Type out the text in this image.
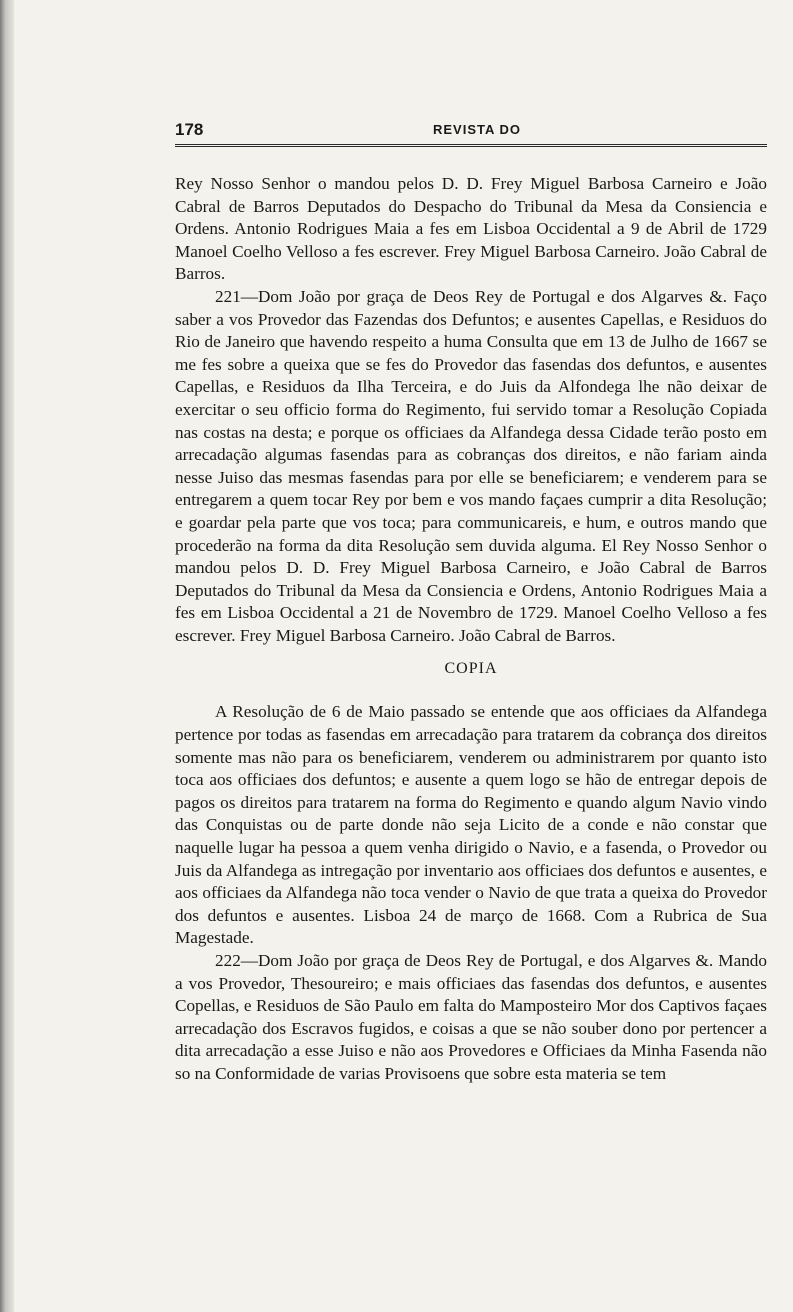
178	REVISTA DO

Rey Nosso Senhor o mandou pelos D. D. Frey Miguel Barbosa Carneiro e João Cabral de Barros Deputados do Despacho do Tribunal da Mesa da Consiencia e Ordens. Antonio Rodrigues Maia a fes em Lisboa Occidental a 9 de Abril de 1729 Manoel Coelho Velloso a fes escrever. Frey Miguel Barbosa Carneiro. João Cabral de Barros.

221—Dom João por graça de Deos Rey de Portugal e dos Algarves &. Faço saber a vos Provedor das Fazendas dos Defuntos; e ausentes Capellas, e Residuos do Rio de Janeiro que havendo respeito a huma Consulta que em 13 de Julho de 1667 se me fes sobre a queixa que se fes do Provedor das fasendas dos defuntos, e ausentes Capellas, e Residuos da Ilha Terceira, e do Juis da Alfondega lhe não deixar de exercitar o seu officio forma do Regimento, fui servido tomar a Resolução Copiada nas costas na desta; e porque os officiaes da Alfandega dessa Cidade terão posto em arrecadação algumas fasendas para as cobranças dos direitos, e não fariam ainda nesse Juiso das mesmas fasendas para por elle se beneficiarem; e venderem para se entregarem a quem tocar Rey por bem e vos mando façaes cumprir a dita Resolução; e goardar pela parte que vos toca; para communicareis, e hum, e outros mando que procederão na forma da dita Resolução sem duvida alguma. El Rey Nosso Senhor o mandou pelos D. D. Frey Miguel Barbosa Carneiro, e João Cabral de Barros Deputados do Tribunal da Mesa da Consiencia e Ordens, Antonio Rodrigues Maia a fes em Lisboa Occidental a 21 de Novembro de 1729. Manoel Coelho Velloso a fes escrever. Frey Miguel Barbosa Carneiro. João Cabral de Barros.

COPIA

A Resolução de 6 de Maio passado se entende que aos officiaes da Alfandega pertence por todas as fasendas em arrecadação para tratarem da cobrança dos direitos somente mas não para os beneficiarem, venderem ou administrarem por quanto isto toca aos officiaes dos defuntos; e ausente a quem logo se hão de entregar depois de pagos os direitos para tratarem na forma do Regimento e quando algum Navio vindo das Conquistas ou de parte donde não seja Licito de a conde e não constar que naquelle lugar ha pessoa a quem venha dirigido o Navio, e a fasenda, o Provedor ou Juis da Alfandega as intregação por inventario aos officiaes dos defuntos e ausentes, e aos officiaes da Alfandega não toca vender o Navio de que trata a queixa do Provedor dos defuntos e ausentes. Lisboa 24 de março de 1668. Com a Rubrica de Sua Magestade.

222—Dom João por graça de Deos Rey de Portugal, e dos Algarves &. Mando a vos Provedor, Thesoureiro; e mais officiaes das fasendas dos defuntos, e ausentes Copellas, e Residuos de São Paulo em falta do Mamposteiro Mor dos Captivos façaes arrecadação dos Escravos fugidos, e coisas a que se não souber dono por pertencer a dita arrecadação a esse Juiso e não aos Provedores e Officiaes da Minha Fasenda não so na Conformidade de varias Provisoens que sobre esta materia se tem
